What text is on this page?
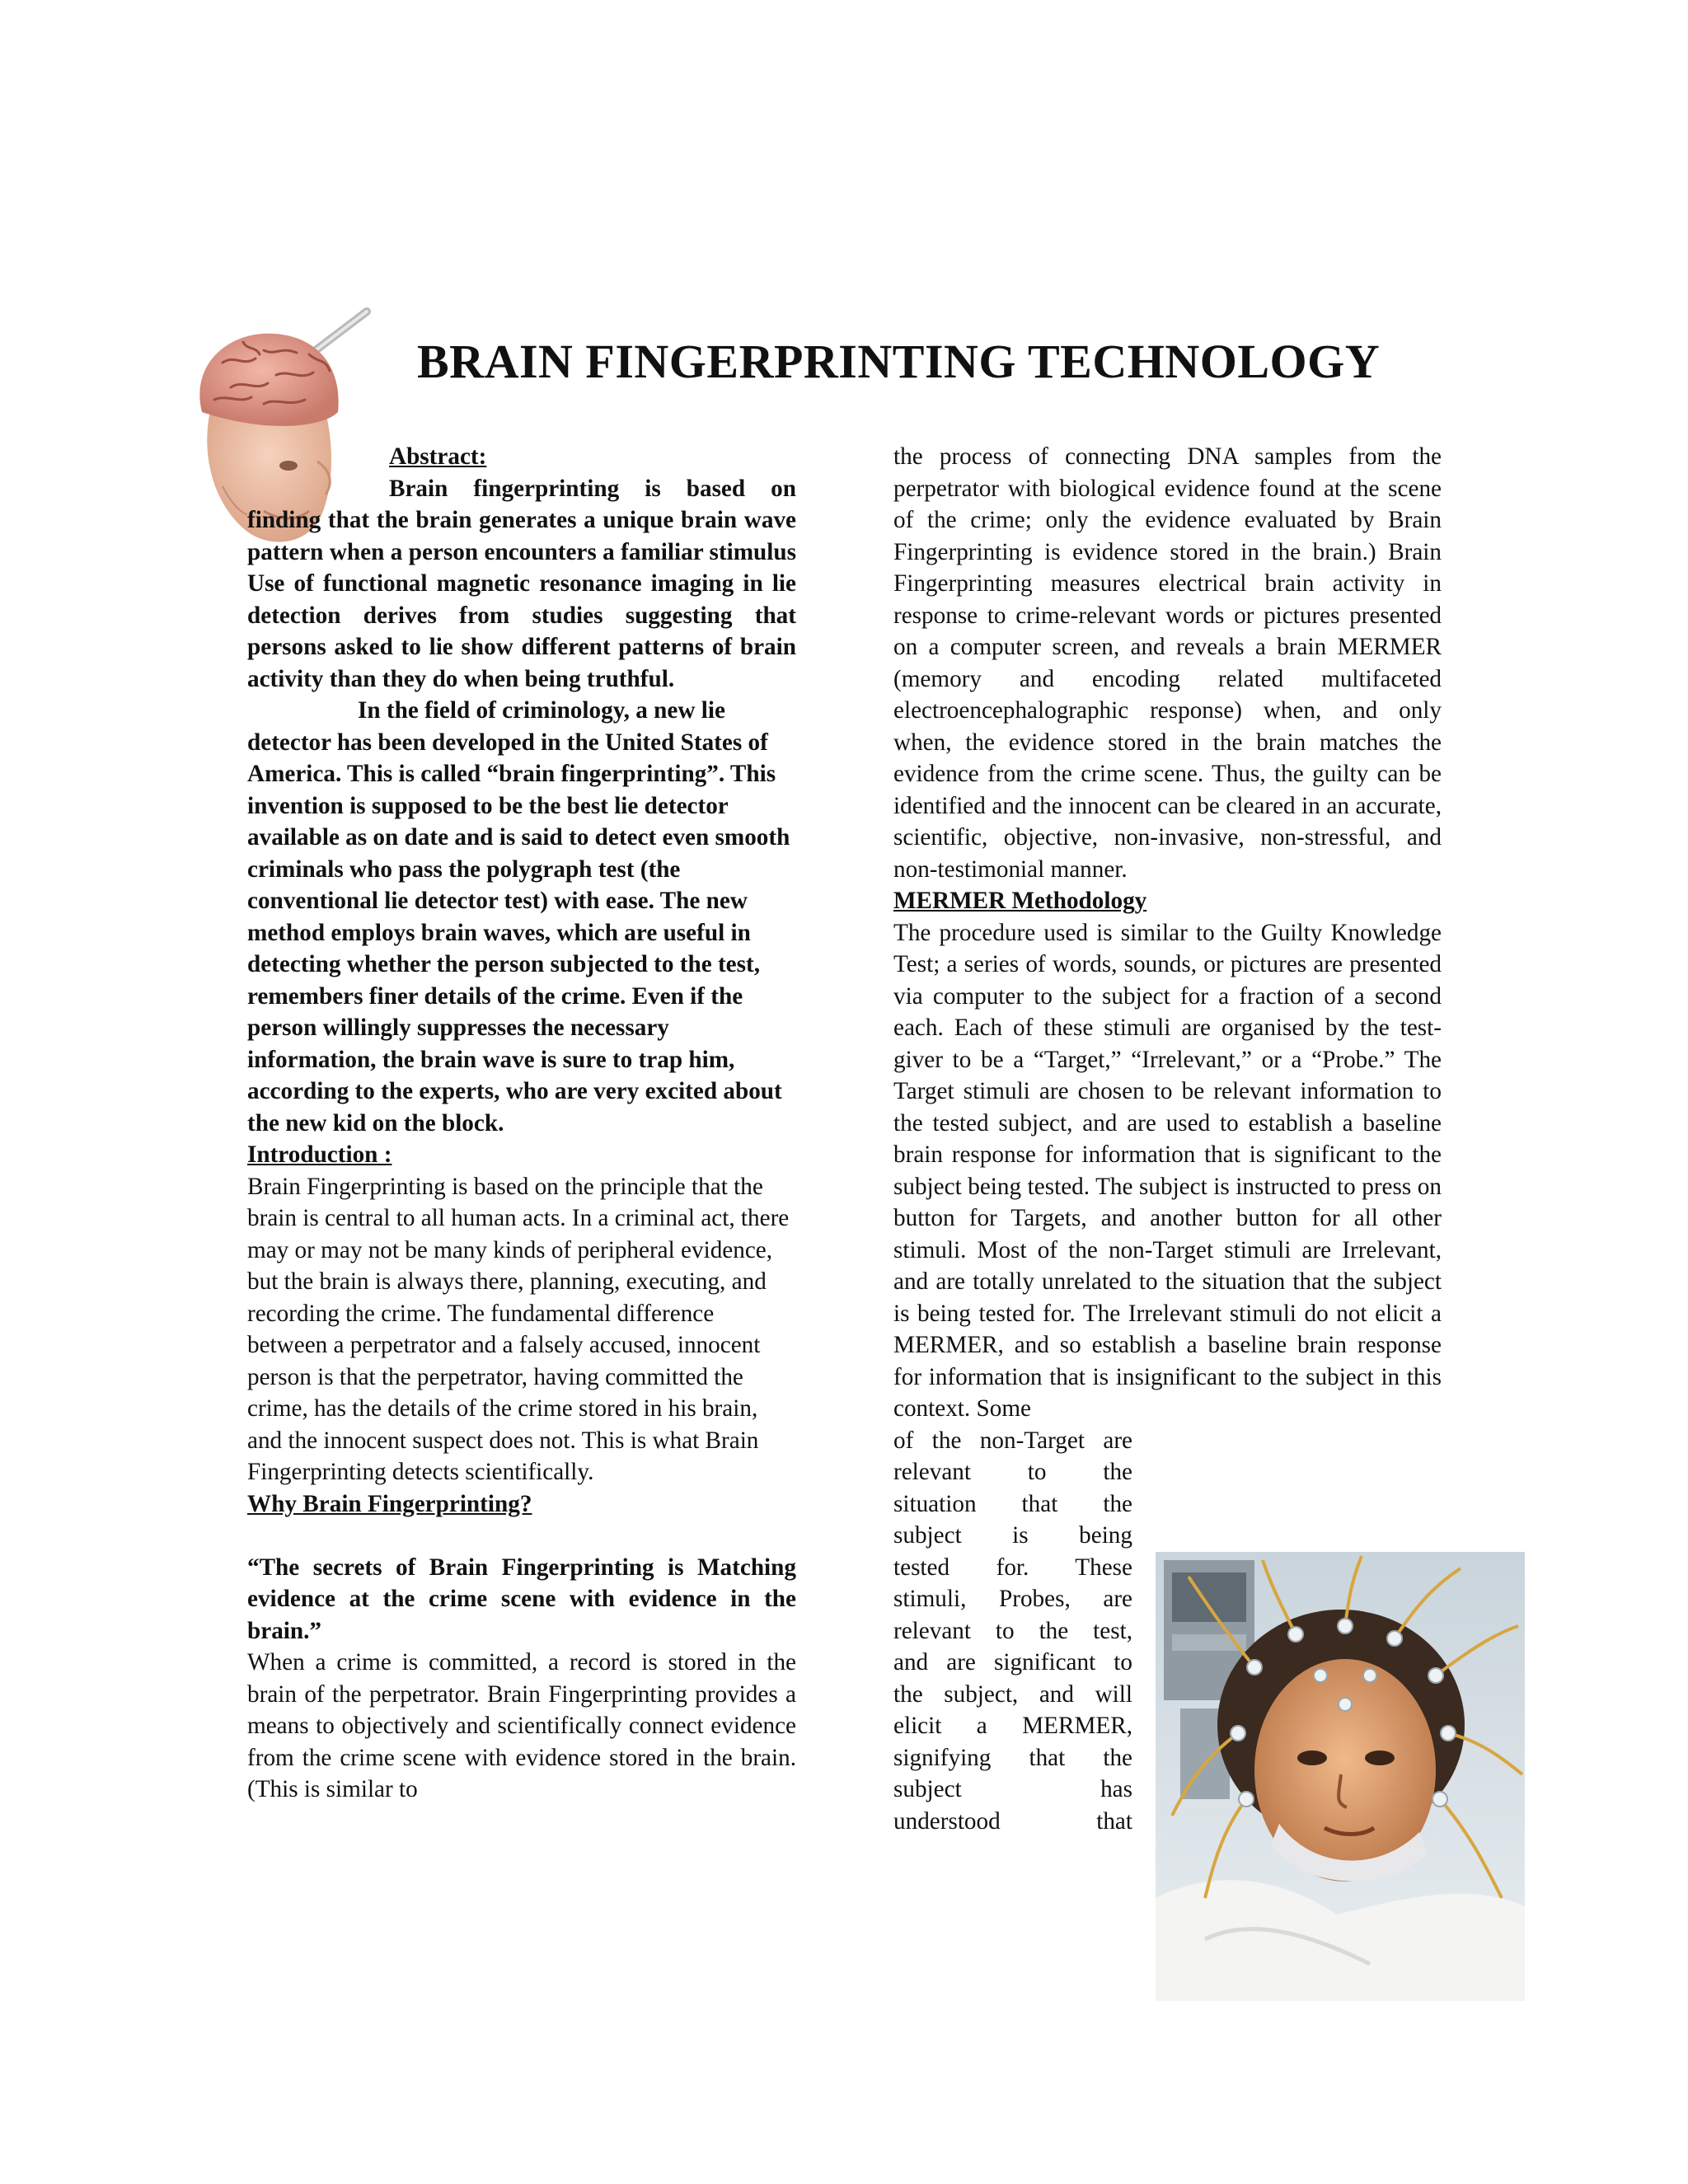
BRAIN FINGERPRINTING TECHNOLOGY

Abstract:

Brain fingerprinting is based on finding that the brain generates a unique brain wave pattern when a person encounters a familiar stimulus Use of functional magnetic resonance imaging in lie detection derives from studies suggesting that persons asked to lie show different patterns of brain activity than they do when being truthful.

In the field of criminology, a new lie detector has been developed in the United States of America. This is called “brain fingerprinting”. This invention is supposed to be the best lie detector available as on date and is said to detect even smooth criminals who pass the polygraph test (the conventional lie detector test) with ease. The new method employs brain waves, which are useful in detecting whether the person subjected to the test, remembers finer details of the crime. Even if the person willingly suppresses the necessary information, the brain wave is sure to trap him, according to the experts, who are very excited about the new kid on the block.

Introduction :

Brain Fingerprinting is based on the principle that the brain is central to all human acts. In a criminal act, there may or may not be many kinds of peripheral evidence, but the brain is always there, planning, executing, and recording the crime. The fundamental difference between a perpetrator and a falsely accused, innocent person is that the perpetrator, having committed the crime, has the details of the crime stored in his brain, and the innocent suspect does not. This is what Brain Fingerprinting detects scientifically.

Why Brain Fingerprinting?

“The secrets of Brain Fingerprinting is Matching evidence at the crime scene with evidence in the brain.”

When a crime is committed, a record is stored in the brain of the perpetrator. Brain Fingerprinting provides a means to objectively and scientifically connect evidence from the crime scene with evidence stored in the brain. (This is similar to

the process of connecting DNA samples from the perpetrator with biological evidence found at the scene of the crime; only the evidence evaluated by Brain Fingerprinting is evidence stored in the brain.) Brain Fingerprinting measures electrical brain activity in response to crime-relevant words or pictures presented on a computer screen, and reveals a brain MERMER (memory and encoding related multifaceted electroencephalographic response) when, and only when, the evidence stored in the brain matches the evidence from the crime scene. Thus, the guilty can be identified and the innocent can be cleared in an accurate, scientific, objective, non-invasive, non-stressful, and non-testimonial manner.

MERMER Methodology

The procedure used is similar to the Guilty Knowledge Test; a series of words, sounds, or pictures are presented via computer to the subject for a fraction of a second each. Each of these stimuli are organised by the test-giver to be a “Target,” “Irrelevant,” or a “Probe.” The Target stimuli are chosen to be relevant information to the tested subject, and are used to establish a baseline brain response for information that is significant to the subject being tested. The subject is instructed to press on button for Targets, and another button for all other stimuli. Most of the non-Target stimuli are Irrelevant, and are totally unrelated to the situation that the subject is being tested for. The Irrelevant stimuli do not elicit a MERMER, and so establish a baseline brain response for information that is insignificant to the subject in this context. Some

of the non-Target are
relevant to the
situation that the
subject is being
tested for. These
stimuli, Probes, are
relevant to the test,
and are significant to
the subject, and will
elicit a MERMER,
signifying that the
subject has
understood that
